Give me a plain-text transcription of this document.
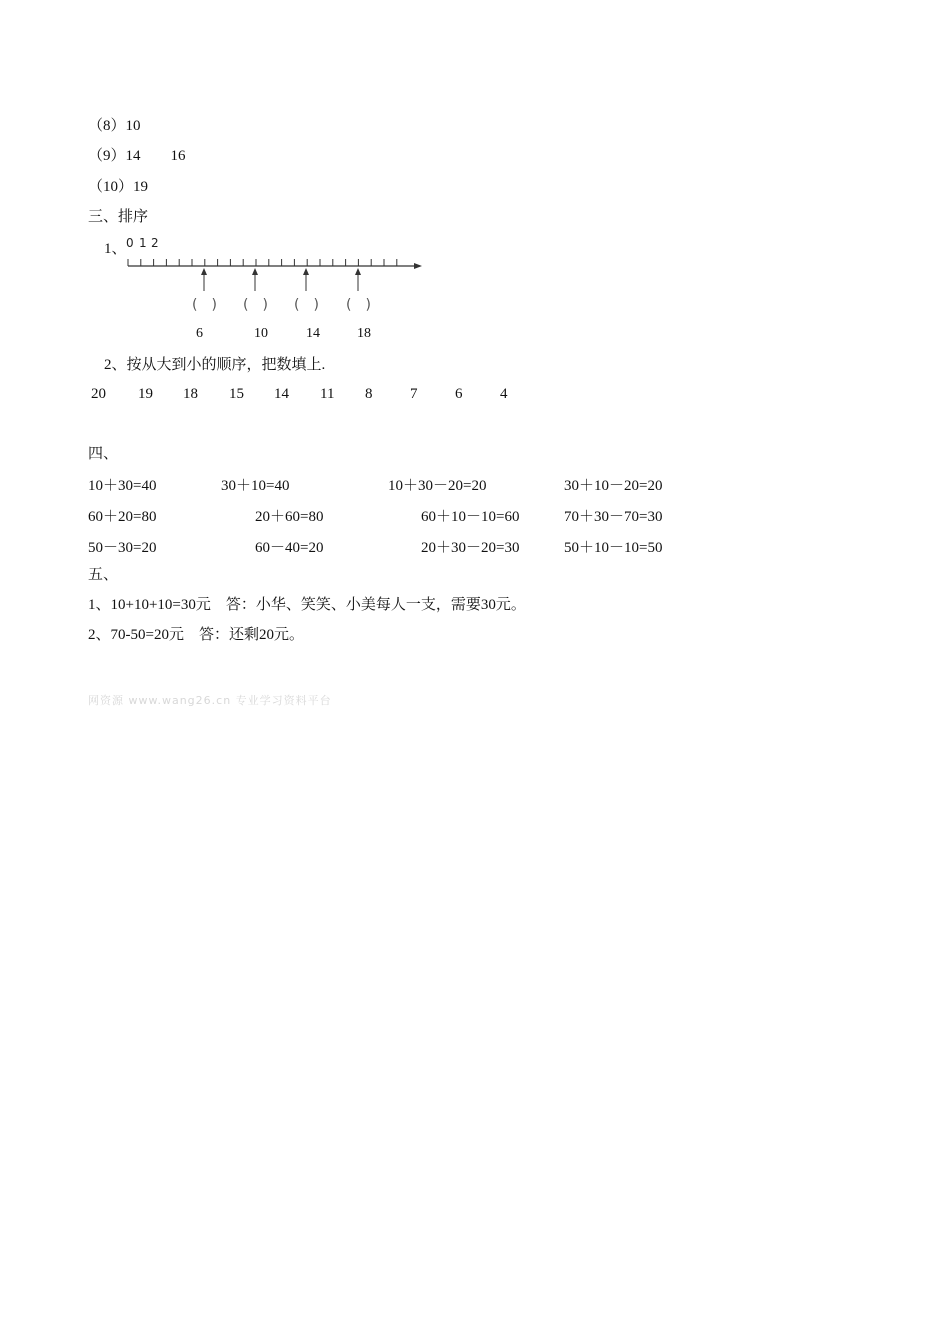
（8）10
（9）14　　16
（10）19
三、排序
1、 0 1 2
(　) (　) (　) (　)
6	10	14	18
2、按从大到小的顺序，把数填上.
20 19 18 15 14 11 8	7	6	4
四、
10＋30=40	30＋10=40	10＋30－20=20	30＋10－20=20
60＋20=80	20＋60=80	60＋10－10=60	70＋30－70=30
50－30=20	60－40=20	20＋30－20=30	50＋10－10=50
五、
1、10+10+10=30元　答：小华、笑笑、小美每人一支，需要30元。
2、70-50=20元　答：还剩20元。
网资源 www.wang26.cn 专业学习资料平台
